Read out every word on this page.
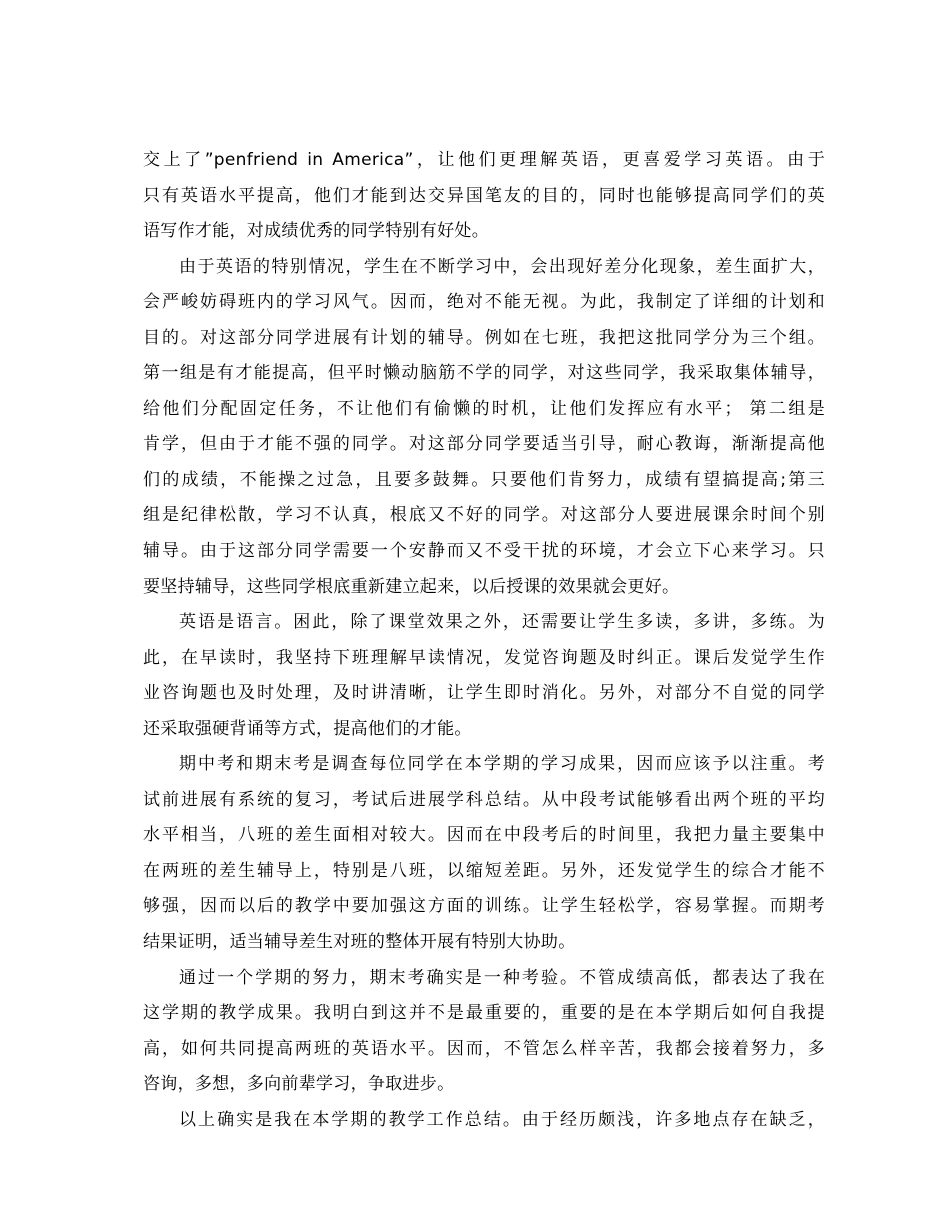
交上了”penfriend in America”，让他们更理解英语，更喜爱学习英语。由于
只有英语水平提高，他们才能到达交异国笔友的目的，同时也能够提高同学们的英
语写作才能，对成绩优秀的同学特别有好处。
由于英语的特别情况，学生在不断学习中，会出现好差分化现象，差生面扩大，
会严峻妨碍班内的学习风气。因而，绝对不能无视。为此，我制定了详细的计划和
目的。对这部分同学进展有计划的辅导。例如在七班，我把这批同学分为三个组。
第一组是有才能提高，但平时懒动脑筋不学的同学，对这些同学，我采取集体辅导，
给他们分配固定任务，不让他们有偷懒的时机，让他们发挥应有水平； 第二组是
肯学，但由于才能不强的同学。对这部分同学要适当引导，耐心教诲，渐渐提高他
们的成绩，不能操之过急，且要多鼓舞。只要他们肯努力，成绩有望搞提高;第三
组是纪律松散，学习不认真，根底又不好的同学。对这部分人要进展课余时间个别
辅导。由于这部分同学需要一个安静而又不受干扰的环境，才会立下心来学习。只
要坚持辅导，这些同学根底重新建立起来，以后授课的效果就会更好。
英语是语言。困此，除了课堂效果之外，还需要让学生多读，多讲，多练。为
此，在早读时，我坚持下班理解早读情况，发觉咨询题及时纠正。课后发觉学生作
业咨询题也及时处理，及时讲清晰，让学生即时消化。另外，对部分不自觉的同学
还采取强硬背诵等方式，提高他们的才能。
期中考和期末考是调查每位同学在本学期的学习成果，因而应该予以注重。考
试前进展有系统的复习，考试后进展学科总结。从中段考试能够看出两个班的平均
水平相当，八班的差生面相对较大。因而在中段考后的时间里，我把力量主要集中
在两班的差生辅导上，特别是八班，以缩短差距。另外，还发觉学生的综合才能不
够强，因而以后的教学中要加强这方面的训练。让学生轻松学，容易掌握。而期考
结果证明，适当辅导差生对班的整体开展有特别大协助。
通过一个学期的努力，期末考确实是一种考验。不管成绩高低，都表达了我在
这学期的教学成果。我明白到这并不是最重要的，重要的是在本学期后如何自我提
高，如何共同提高两班的英语水平。因而，不管怎么样辛苦，我都会接着努力，多
咨询，多想，多向前辈学习，争取进步。
以上确实是我在本学期的教学工作总结。由于经历颇浅，许多地点存在缺乏，
